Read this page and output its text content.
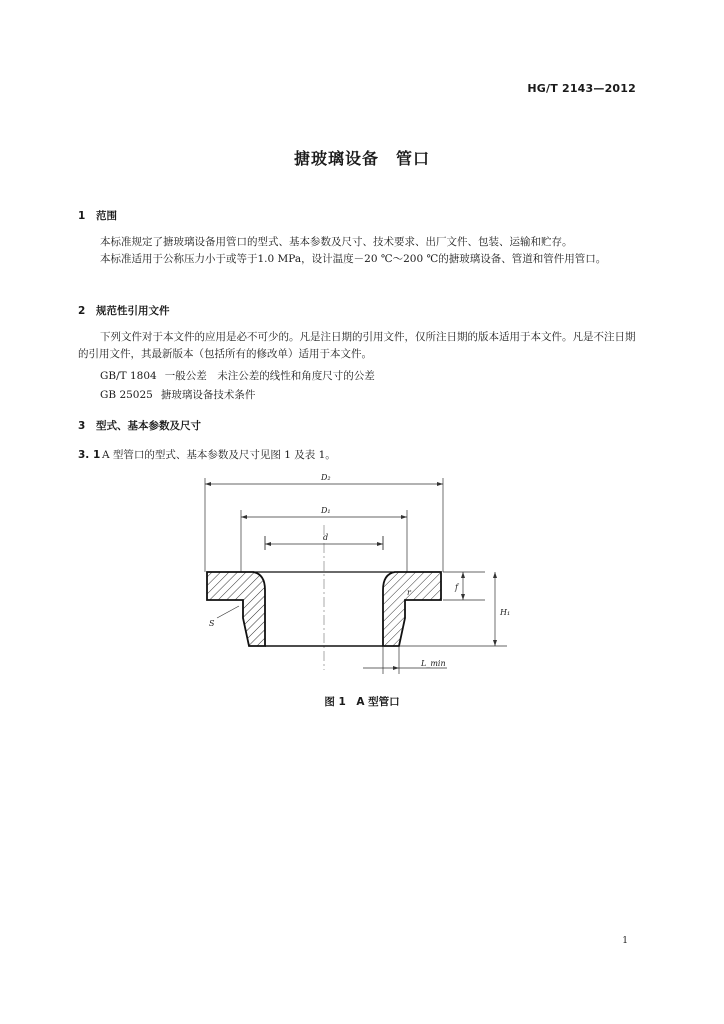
HG/T 2143—2012
搪玻璃设备　管口
1 范围
本标准规定了搪玻璃设备用管口的型式、基本参数及尺寸、技术要求、出厂文件、包装、运输和贮存。
本标准适用于公称压力小于或等于1.0 MPa，设计温度－20 ℃～200 ℃的搪玻璃设备、管道和管件用管口。
2 规范性引用文件
下列文件对于本文件的应用是必不可少的。凡是注日期的引用文件，仅所注日期的版本适用于本文件。凡是不注日期的引用文件，其最新版本（包括所有的修改单）适用于本文件。
GB/T 1804 一般公差　未注公差的线性和角度尺寸的公差
GB 25025 搪玻璃设备技术条件
3 型式、基本参数及尺寸
3. 1 A 型管口的型式、基本参数及尺寸见图 1 及表 1。
D₂
D₁
d
S
r
f
H₁
L_min
图 1　A 型管口
1
